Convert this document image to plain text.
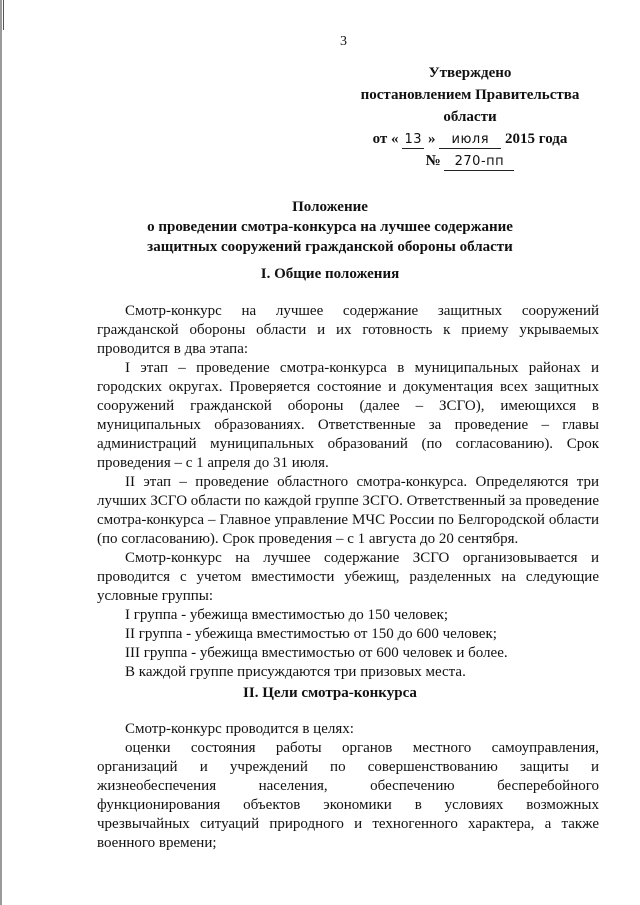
3
Утверждено
постановлением Правительства
области
от « 13 » июля 2015 года
№ 270-пп
Положение
о проведении смотра-конкурса на лучшее содержание
защитных сооружений гражданской обороны области
I. Общие положения

Смотр-конкурс на лучшее содержание защитных сооружений гражданской обороны области и их готовность к приему укрываемых проводится в два этапа:

I этап – проведение смотра-конкурса в муниципальных районах и городских округах. Проверяется состояние и документация всех защитных сооружений гражданской обороны (далее – ЗСГО), имеющихся в муниципальных образованиях. Ответственные за проведение – главы администраций муниципальных образований (по согласованию). Срок проведения – с 1 апреля до 31 июля.

II этап – проведение областного смотра-конкурса. Определяются три лучших ЗСГО области по каждой группе ЗСГО. Ответственный за проведение смотра-конкурса – Главное управление МЧС России по Белгородской области (по согласованию). Срок проведения – с 1 августа до 20 сентября.

Смотр-конкурс на лучшее содержание ЗСГО организовывается и проводится с учетом вместимости убежищ, разделенных на следующие условные группы:

I группа - убежища вместимостью до 150 человек;

II группа - убежища вместимостью от 150 до 600 человек;

III группа - убежища вместимостью от 600 человек и более.

В каждой группе присуждаются три призовых места.

II. Цели смотра-конкурса

Смотр-конкурс проводится в целях:

оценки состояния работы органов местного самоуправления, организаций и учреждений по совершенствованию защиты и жизнеобеспечения населения, обеспечению бесперебойного функционирования объектов экономики в условиях возможных чрезвычайных ситуаций природного и техногенного характера, а также военного времени;
